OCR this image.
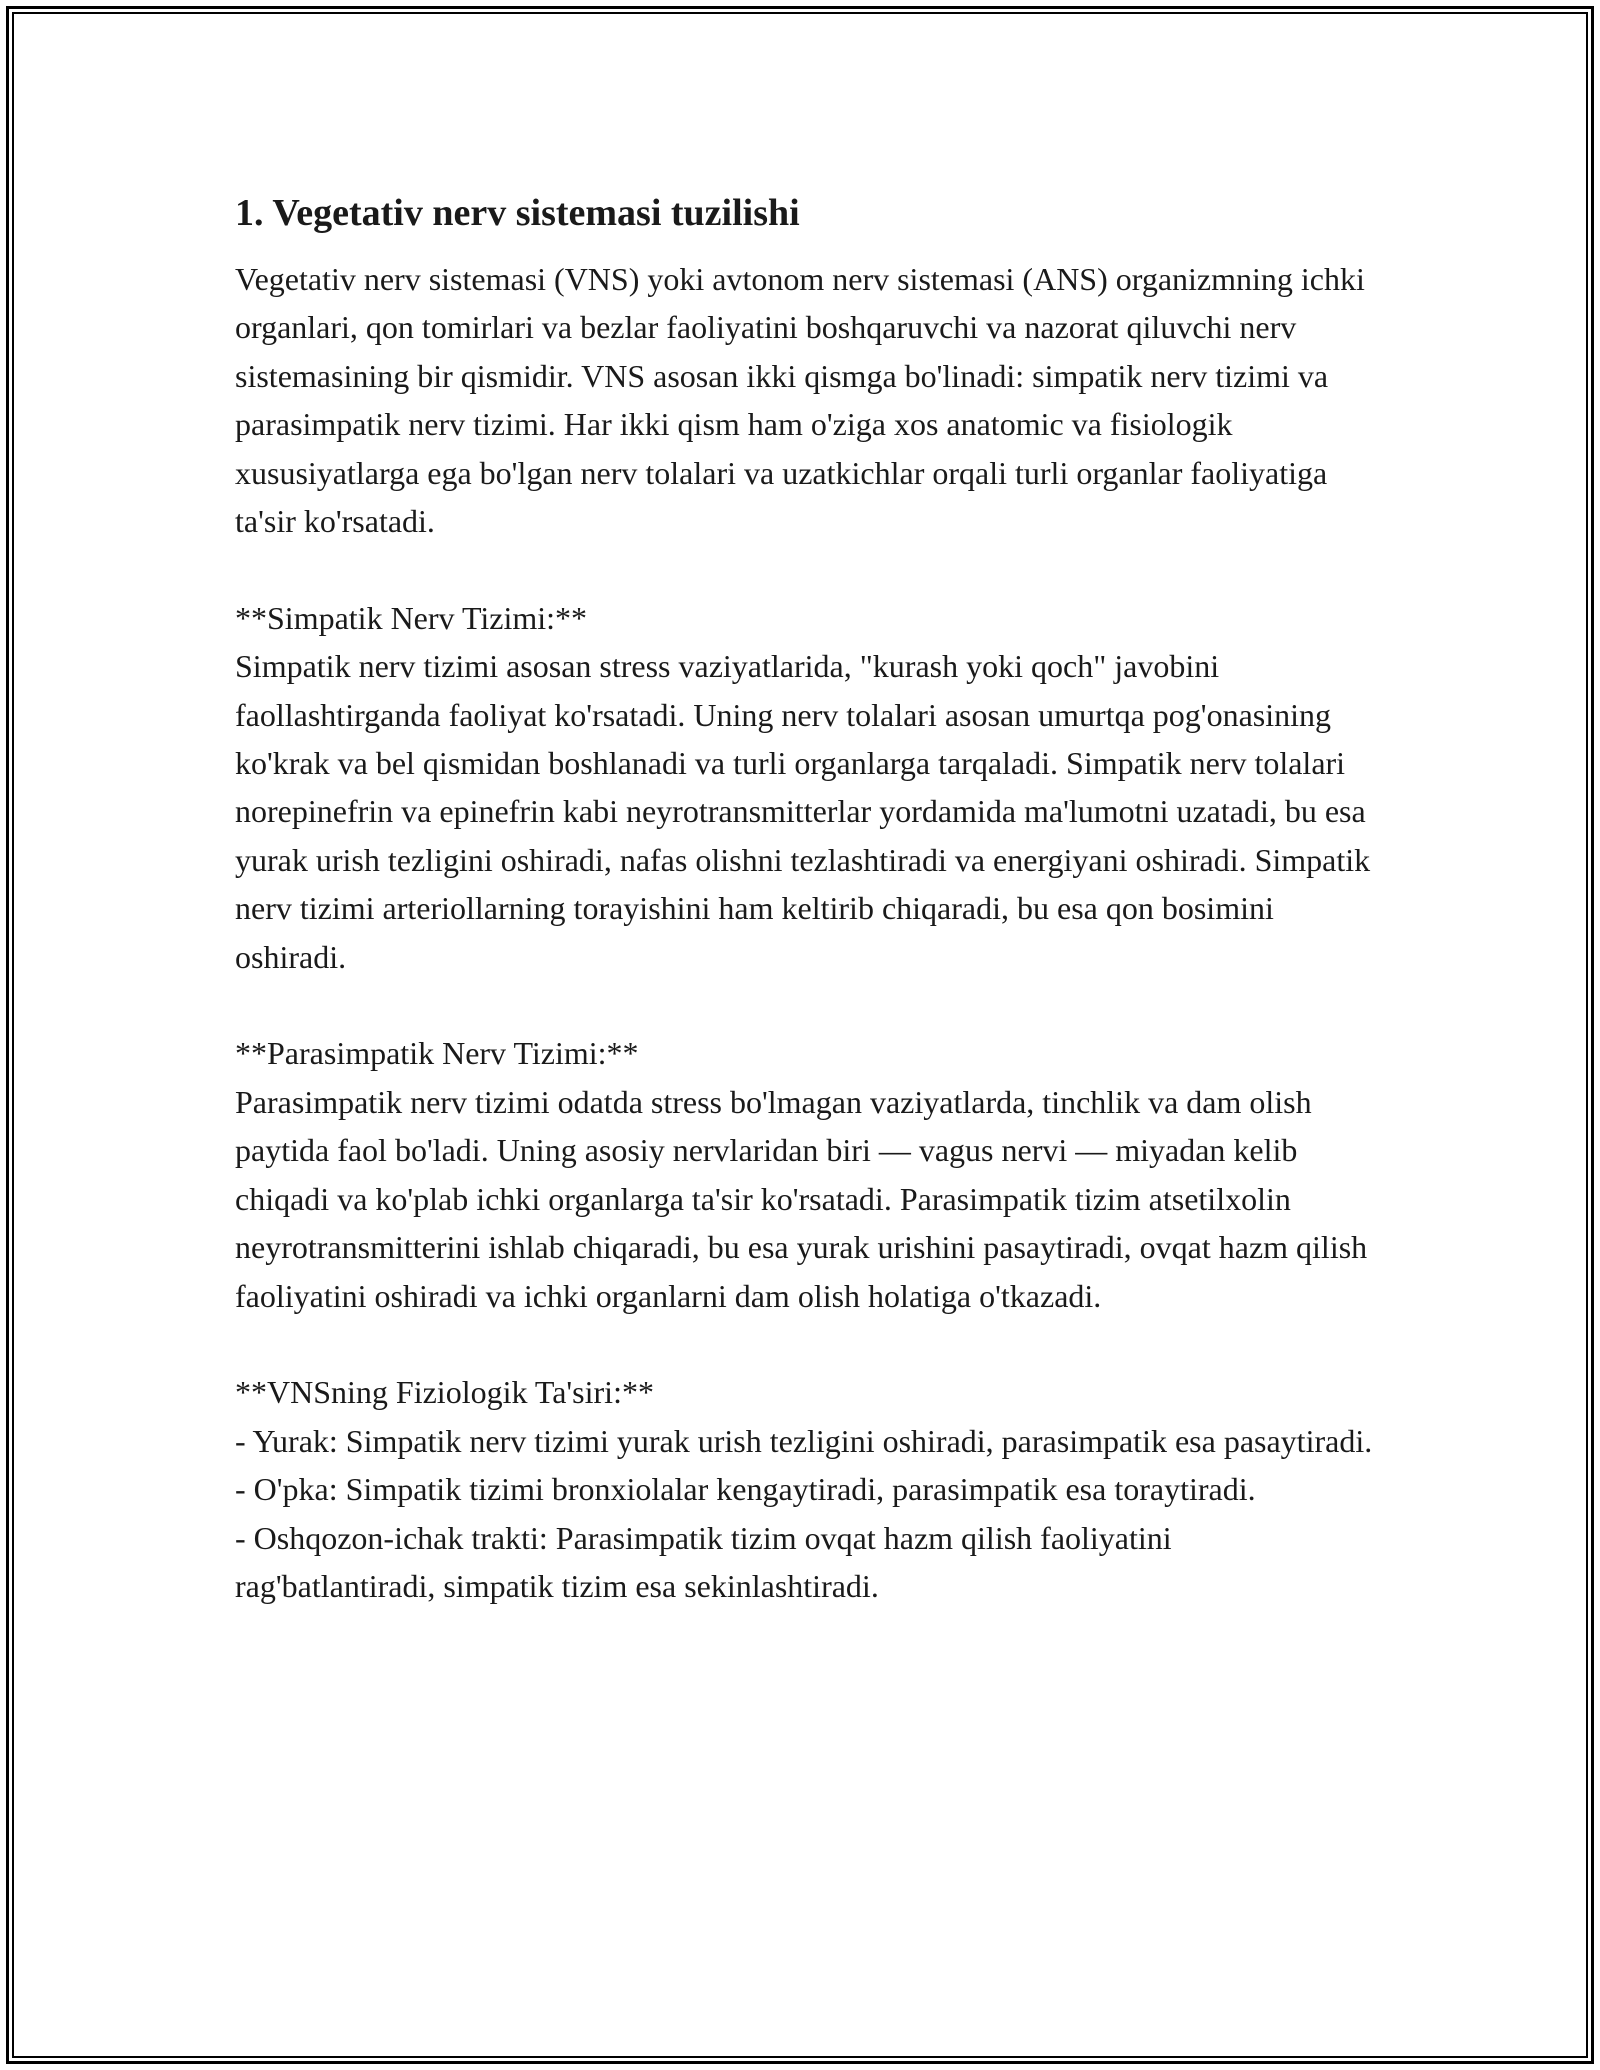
1. Vegetativ nerv sistemasi tuzilishi

Vegetativ nerv sistemasi (VNS) yoki avtonom nerv sistemasi (ANS) organizmning ichki organlari, qon tomirlari va bezlar faoliyatini boshqaruvchi va nazorat qiluvchi nerv sistemasining bir qismidir. VNS asosan ikki qismga bo'linadi: simpatik nerv tizimi va parasimpatik nerv tizimi. Har ikki qism ham o'ziga xos anatomic va fisiologik xususiyatlarga ega bo'lgan nerv tolalari va uzatkichlar orqali turli organlar faoliyatiga ta'sir ko'rsatadi.

**Simpatik Nerv Tizimi:**

Simpatik nerv tizimi asosan stress vaziyatlarida, "kurash yoki qoch" javobini faollashtirganda faoliyat ko'rsatadi. Uning nerv tolalari asosan umurtqa pog'onasining ko'krak va bel qismidan boshlanadi va turli organlarga tarqaladi. Simpatik nerv tolalari norepinefrin va epinefrin kabi neyrotransmitterlar yordamida ma'lumotni uzatadi, bu esa yurak urish tezligini oshiradi, nafas olishni tezlashtiradi va energiyani oshiradi. Simpatik nerv tizimi arteriollarning torayishini ham keltirib chiqaradi, bu esa qon bosimini oshiradi.

**Parasimpatik Nerv Tizimi:**

Parasimpatik nerv tizimi odatda stress bo'lmagan vaziyatlarda, tinchlik va dam olish paytida faol bo'ladi. Uning asosiy nervlaridan biri — vagus nervi — miyadan kelib chiqadi va ko'plab ichki organlarga ta'sir ko'rsatadi. Parasimpatik tizim atsetilxolin neyrotransmitterini ishlab chiqaradi, bu esa yurak urishini pasaytiradi, ovqat hazm qilish faoliyatini oshiradi va ichki organlarni dam olish holatiga o'tkazadi.

**VNSning Fiziologik Ta'siri:**

- Yurak: Simpatik nerv tizimi yurak urish tezligini oshiradi, parasimpatik esa pasaytiradi.

- O'pka: Simpatik tizimi bronxiolalar kengaytiradi, parasimpatik esa toraytiradi.

- Oshqozon-ichak trakti: Parasimpatik tizim ovqat hazm qilish faoliyatini rag'batlantiradi, simpatik tizim esa sekinlashtiradi.
